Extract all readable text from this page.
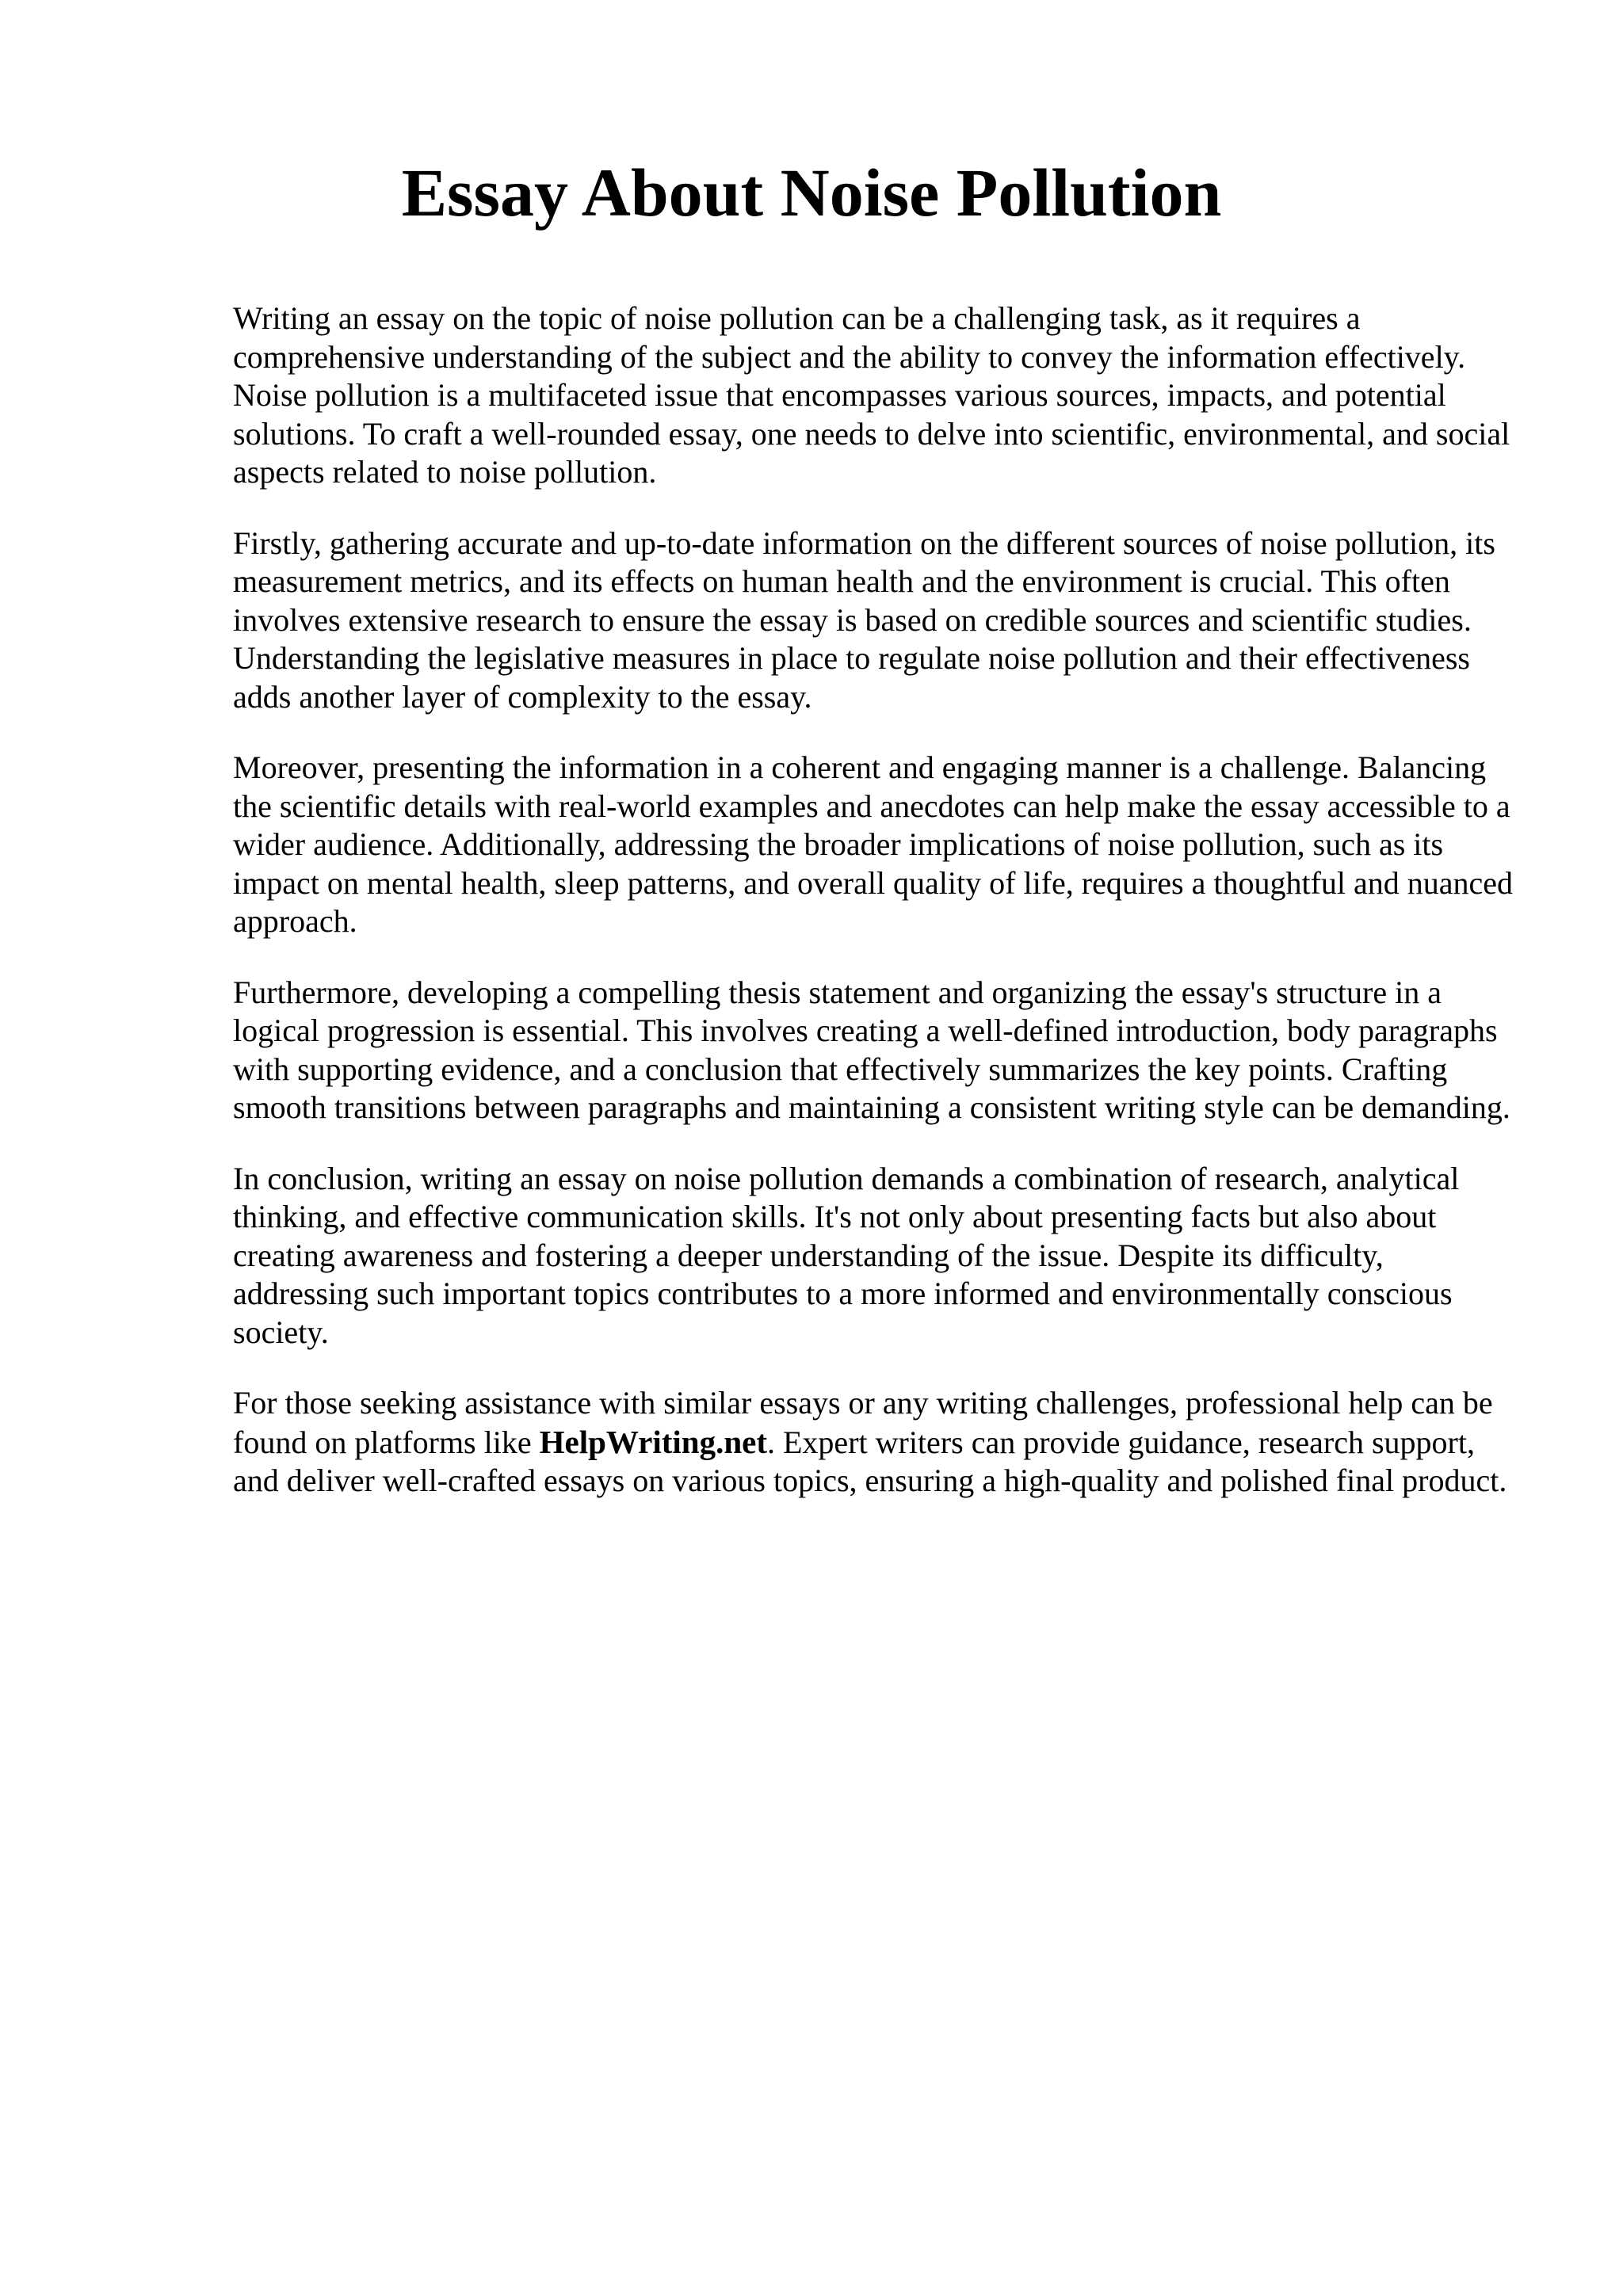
Essay About Noise Pollution

Writing an essay on the topic of noise pollution can be a challenging task, as it requires a comprehensive understanding of the subject and the ability to convey the information effectively. Noise pollution is a multifaceted issue that encompasses various sources, impacts, and potential solutions. To craft a well-rounded essay, one needs to delve into scientific, environmental, and social aspects related to noise pollution.

Firstly, gathering accurate and up-to-date information on the different sources of noise pollution, its measurement metrics, and its effects on human health and the environment is crucial. This often involves extensive research to ensure the essay is based on credible sources and scientific studies. Understanding the legislative measures in place to regulate noise pollution and their effectiveness adds another layer of complexity to the essay.

Moreover, presenting the information in a coherent and engaging manner is a challenge. Balancing the scientific details with real-world examples and anecdotes can help make the essay accessible to a wider audience. Additionally, addressing the broader implications of noise pollution, such as its impact on mental health, sleep patterns, and overall quality of life, requires a thoughtful and nuanced approach.

Furthermore, developing a compelling thesis statement and organizing the essay's structure in a logical progression is essential. This involves creating a well-defined introduction, body paragraphs with supporting evidence, and a conclusion that effectively summarizes the key points. Crafting smooth transitions between paragraphs and maintaining a consistent writing style can be demanding.

In conclusion, writing an essay on noise pollution demands a combination of research, analytical thinking, and effective communication skills. It's not only about presenting facts but also about creating awareness and fostering a deeper understanding of the issue. Despite its difficulty, addressing such important topics contributes to a more informed and environmentally conscious society.

For those seeking assistance with similar essays or any writing challenges, professional help can be found on platforms like HelpWriting.net. Expert writers can provide guidance, research support, and deliver well-crafted essays on various topics, ensuring a high-quality and polished final product.
